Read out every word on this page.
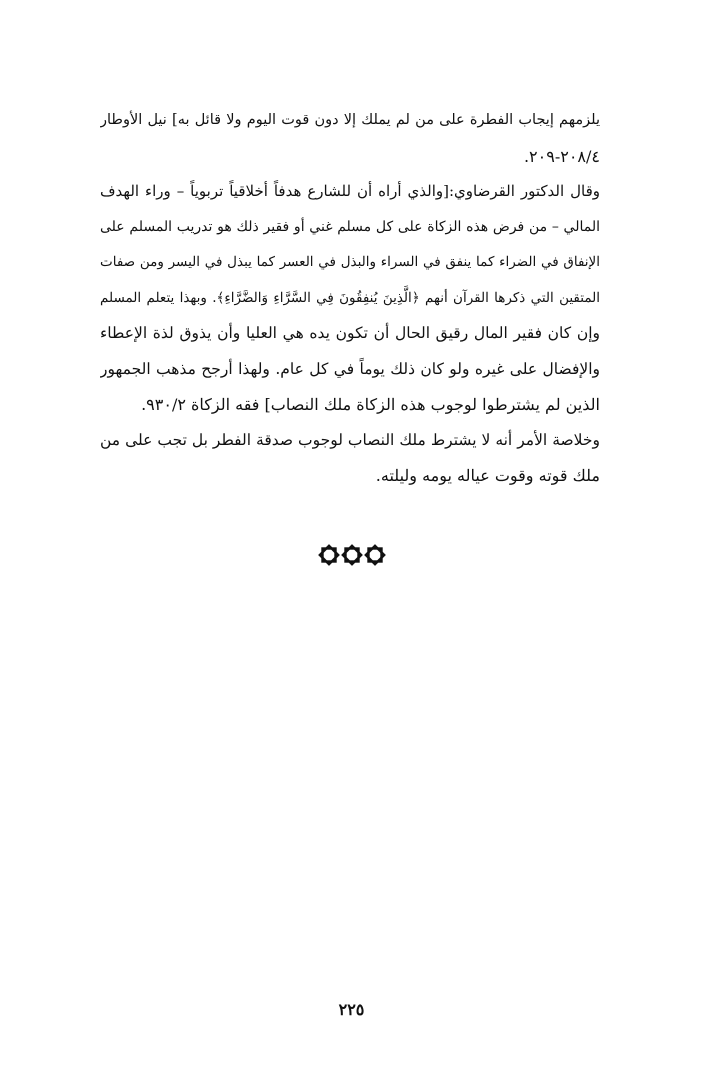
يلزمهم إيجاب الفطرة على من لم يملك إلا دون قوت اليوم ولا قائل به] نيل الأوطار
٢٠٨/٤-٢٠٩.
وقال الدكتور القرضاوي:[والذي أراه أن للشارع هدفاً أخلاقياً تربوياً – وراء الهدف
المالي – من فرض هذه الزكاة على كل مسلم غني أو فقير ذلك هو تدريب المسلم على
الإنفاق في الضراء كما ينفق في السراء والبذل في العسر كما يبذل في اليسر ومن صفات
المتقين التي ذكرها القرآن أنهم ﴿الَّذِينَ يُنفِقُونَ فِي السَّرَّاءِ وَالضَّرَّاءِ﴾. وبهذا يتعلم المسلم
وإن كان فقير المال رقيق الحال أن تكون يده هي العليا وأن يذوق لذة الإعطاء
والإفضال على غيره ولو كان ذلك يوماً في كل عام. ولهذا أرجح مذهب الجمهور
الذين لم يشترطوا لوجوب هذه الزكاة ملك النصاب] فقه الزكاة ٩٣٠/٢.
وخلاصة الأمر أنه لا يشترط ملك النصاب لوجوب صدقة الفطر بل تجب على من
ملك قوته وقوت عياله يومه وليلته.
٢٢٥
